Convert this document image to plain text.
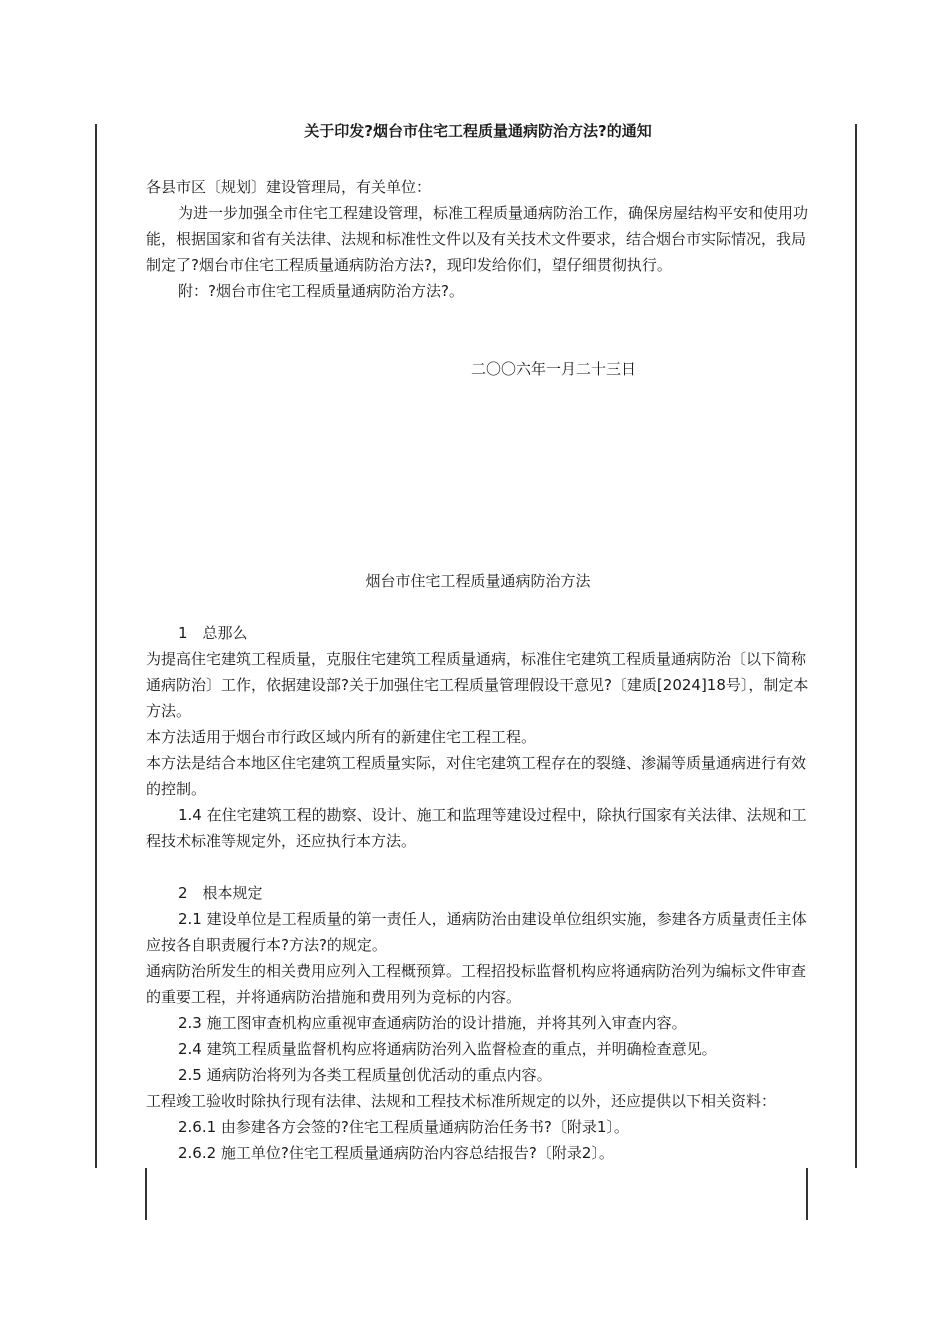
关于印发?烟台市住宅工程质量通病防治方法?的通知

各县市区〔规划〕建设管理局，有关单位：

为进一步加强全市住宅工程建设管理，标准工程质量通病防治工作，确保房屋结构平安和使用功能，根据国家和省有关法律、法规和标准性文件以及有关技术文件要求，结合烟台市实际情况，我局制定了?烟台市住宅工程质量通病防治方法?，现印发给你们，望仔细贯彻执行。

附：?烟台市住宅工程质量通病防治方法?。

二〇〇六年一月二十三日

烟台市住宅工程质量通病防治方法

1　总那么

为提高住宅建筑工程质量，克服住宅建筑工程质量通病，标准住宅建筑工程质量通病防治〔以下简称通病防治〕工作，依据建设部?关于加强住宅工程质量管理假设干意见?〔建质[2024]18号〕，制定本方法。

本方法适用于烟台市行政区域内所有的新建住宅工程工程。

本方法是结合本地区住宅建筑工程质量实际，对住宅建筑工程存在的裂缝、渗漏等质量通病进行有效的控制。

1.4 在住宅建筑工程的勘察、设计、施工和监理等建设过程中，除执行国家有关法律、法规和工程技术标准等规定外，还应执行本方法。

2　根本规定

2.1 建设单位是工程质量的第一责任人，通病防治由建设单位组织实施，参建各方质量责任主体应按各自职责履行本?方法?的规定。

通病防治所发生的相关费用应列入工程概预算。工程招投标监督机构应将通病防治列为编标文件审查的重要工程，并将通病防治措施和费用列为竞标的内容。

2.3 施工图审查机构应重视审查通病防治的设计措施，并将其列入审查内容。

2.4 建筑工程质量监督机构应将通病防治列入监督检查的重点，并明确检查意见。

2.5 通病防治将列为各类工程质量创优活动的重点内容。

工程竣工验收时除执行现有法律、法规和工程技术标准所规定的以外，还应提供以下相关资料：

2.6.1 由参建各方会签的?住宅工程质量通病防治任务书?〔附录1〕。

2.6.2 施工单位?住宅工程质量通病防治内容总结报告?〔附录2〕。
